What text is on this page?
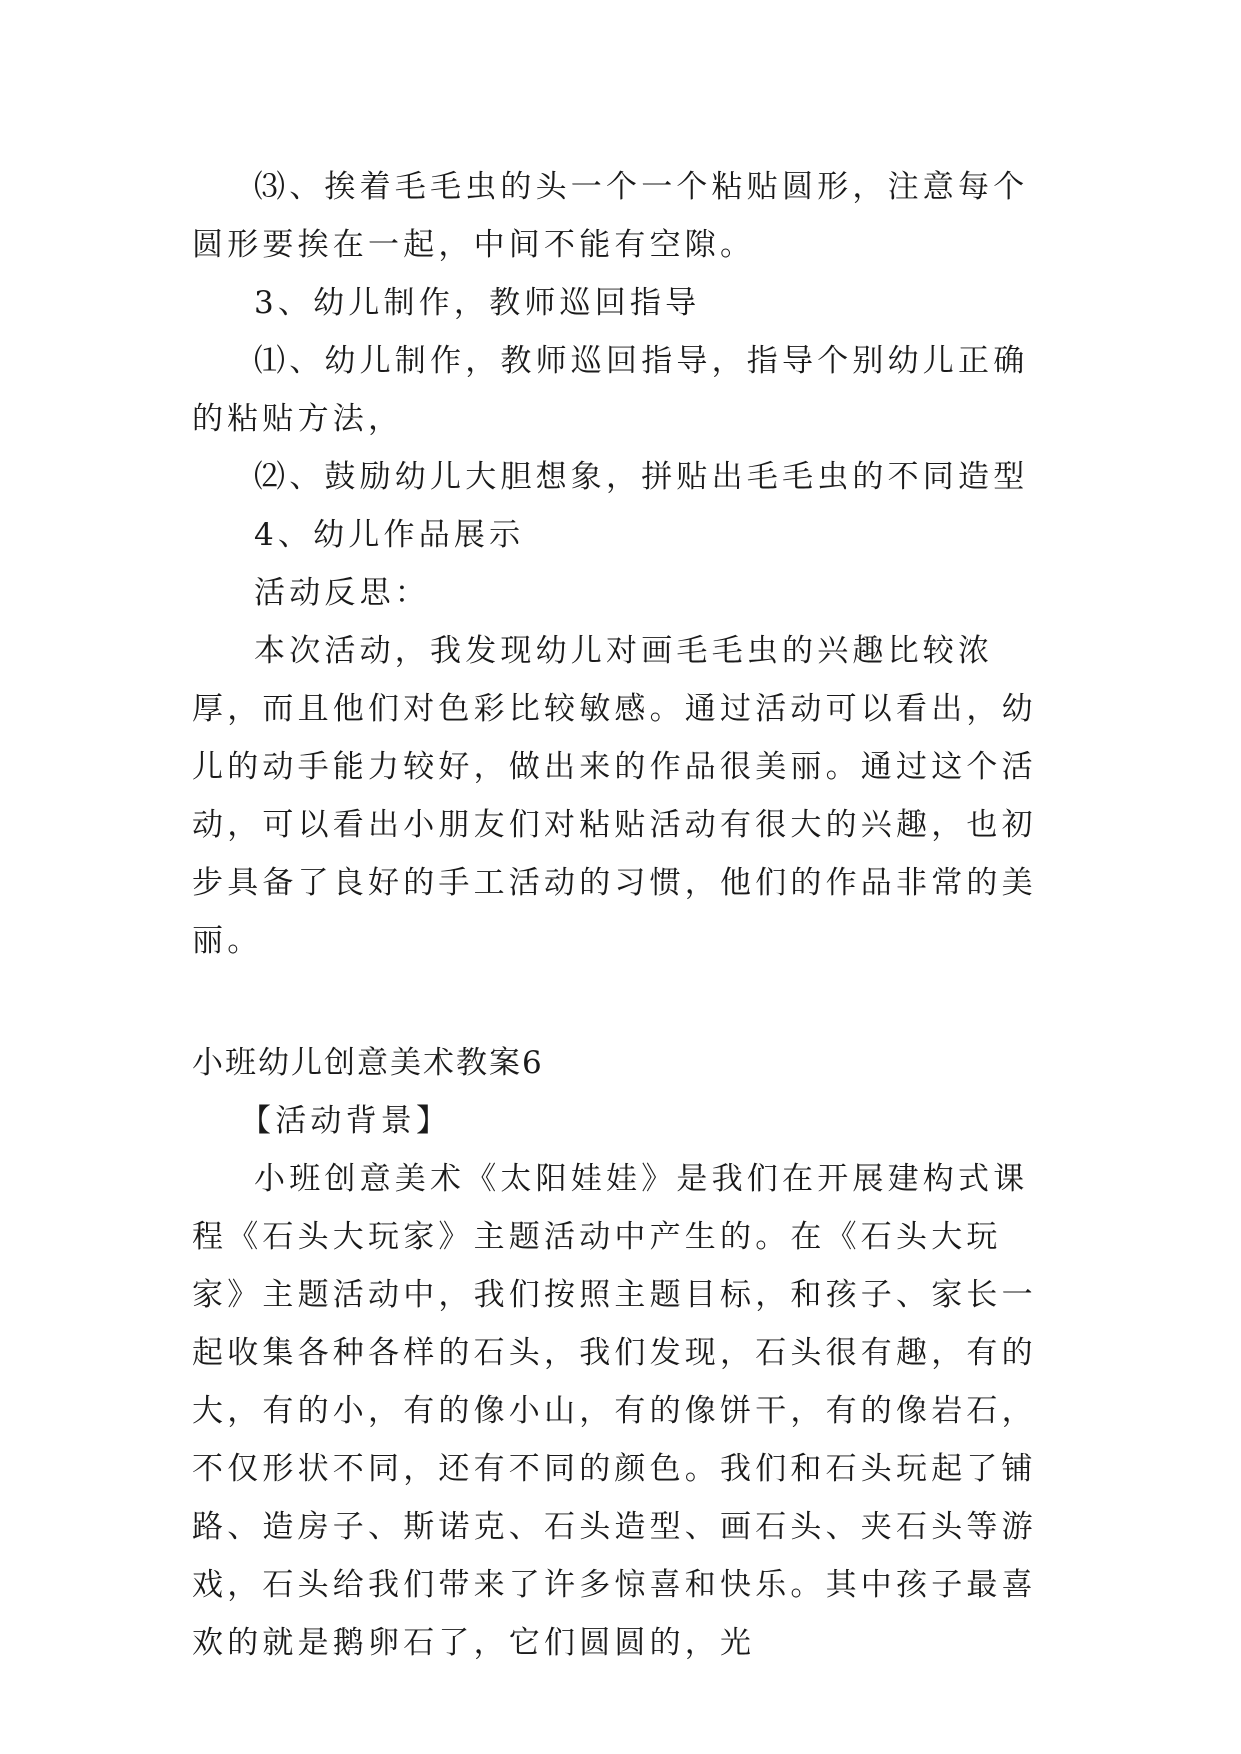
⑶、挨着毛毛虫的头一个一个粘贴圆形，注意每个圆形要挨在一起，中间不能有空隙。

3、幼儿制作，教师巡回指导

⑴、幼儿制作，教师巡回指导，指导个别幼儿正确的粘贴方法，

⑵、鼓励幼儿大胆想象，拼贴出毛毛虫的不同造型

4、幼儿作品展示

活动反思：

本次活动，我发现幼儿对画毛毛虫的兴趣比较浓厚，而且他们对色彩比较敏感。通过活动可以看出，幼儿的动手能力较好，做出来的作品很美丽。通过这个活动，可以看出小朋友们对粘贴活动有很大的兴趣，也初步具备了良好的手工活动的习惯，他们的作品非常的美丽。

小班幼儿创意美术教案6

【活动背景】

小班创意美术《太阳娃娃》是我们在开展建构式课程《石头大玩家》主题活动中产生的。在《石头大玩家》主题活动中，我们按照主题目标，和孩子、家长一起收集各种各样的石头，我们发现，石头很有趣，有的大，有的小，有的像小山，有的像饼干，有的像岩石，不仅形状不同，还有不同的颜色。我们和石头玩起了铺路、造房子、斯诺克、石头造型、画石头、夹石头等游戏，石头给我们带来了许多惊喜和快乐。其中孩子最喜欢的就是鹅卵石了，它们圆圆的，光
